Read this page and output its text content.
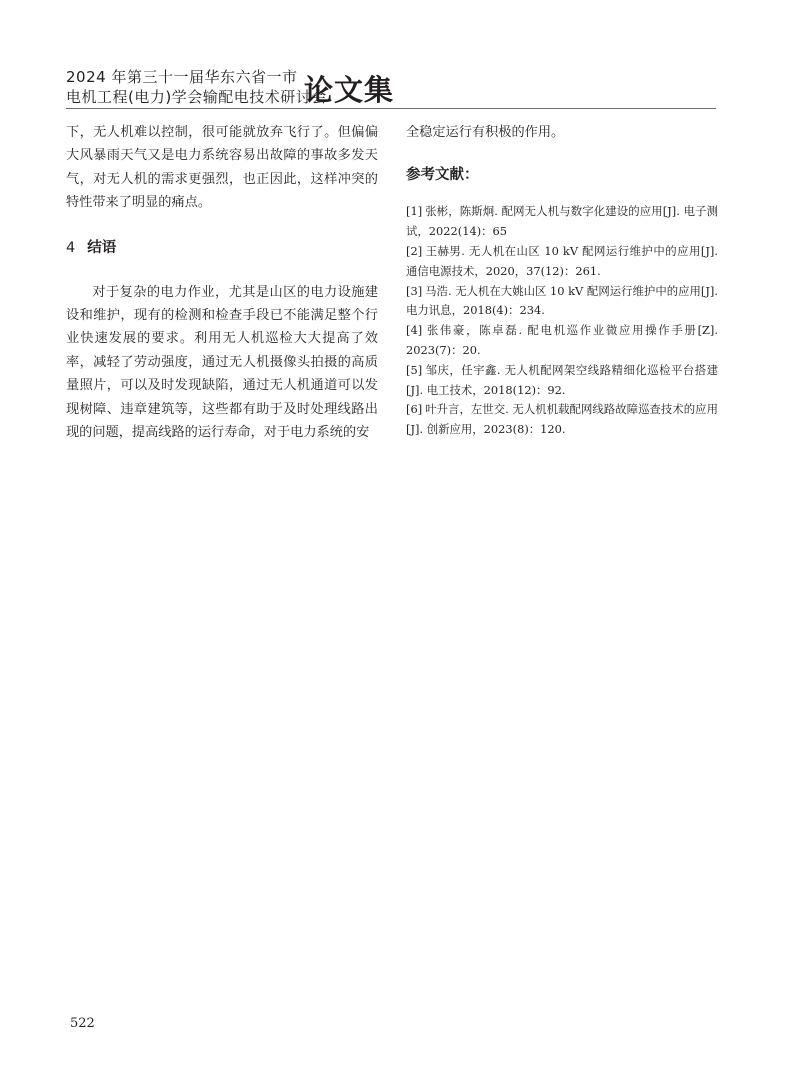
2024 年第三十一届华东六省一市
电机工程(电力)学会输配电技术研讨会
论文集

下，无人机难以控制，很可能就放弃飞行了。但偏偏大风暴雨天气又是电力系统容易出故障的事故多发天气，对无人机的需求更强烈，也正因此，这样冲突的特性带来了明显的痛点。

4 结语

对于复杂的电力作业，尤其是山区的电力设施建设和维护，现有的检测和检查手段已不能满足整个行业快速发展的要求。利用无人机巡检大大提高了效率，减轻了劳动强度，通过无人机摄像头拍摄的高质量照片，可以及时发现缺陷，通过无人机通道可以发现树障、违章建筑等，这些都有助于及时处理线路出现的问题，提高线路的运行寿命，对于电力系统的安

全稳定运行有积极的作用。

参考文献：

[1] 张彬，陈斯炯. 配网无人机与数字化建设的应用[J]. 电子测试，2022(14)：65
[2] 王赫男. 无人机在山区 10 kV 配网运行维护中的应用[J]. 通信电源技术，2020，37(12)：261.
[3] 马浩. 无人机在大姚山区 10 kV 配网运行维护中的应用[J]. 电力讯息，2018(4)：234.
[4] 张伟豪，陈卓磊. 配电机巡作业微应用操作手册[Z]. 2023(7)：20.
[5] 邹庆，任宇鑫. 无人机配网架空线路精细化巡检平台搭建[J]. 电工技术，2018(12)：92.
[6] 叶升言，左世交. 无人机机载配网线路故障巡查技术的应用[J]. 创新应用，2023(8)：120.
522
